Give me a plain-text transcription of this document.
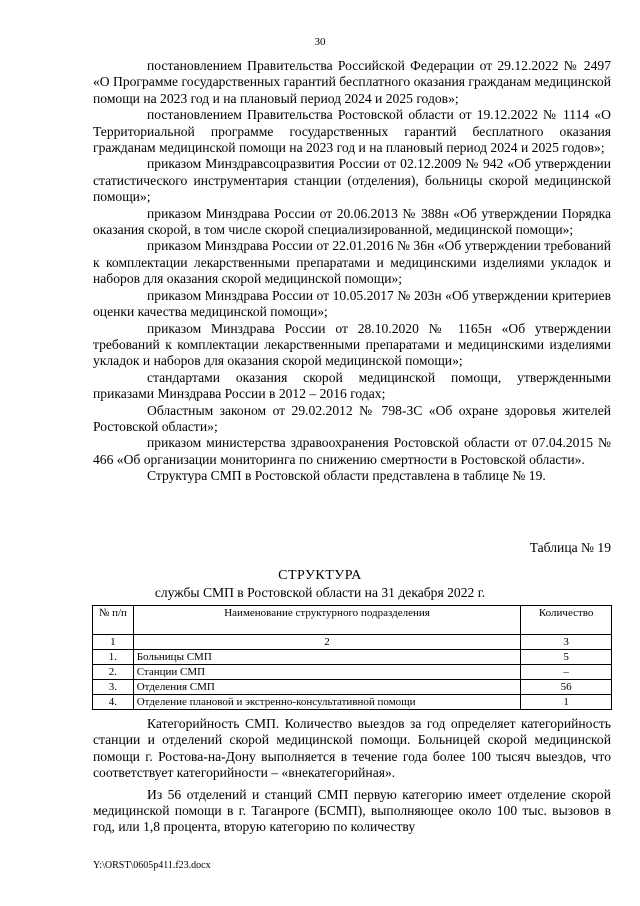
30

постановлением Правительства Российской Федерации от 29.12.2022 № 2497 «О Программе государственных гарантий бесплатного оказания гражданам медицинской помощи на 2023 год и на плановый период 2024 и 2025 годов»;

постановлением Правительства Ростовской области от 19.12.2022 № 1114 «О Территориальной программе государственных гарантий бесплатного оказания гражданам медицинской помощи на 2023 год и на плановый период 2024 и 2025 годов»;

приказом Минздравсоцразвития России от 02.12.2009 № 942 «Об утверждении статистического инструментария станции (отделения), больницы скорой медицинской помощи»;

приказом Минздрава России от 20.06.2013 № 388н «Об утверждении Порядка оказания скорой, в том числе скорой специализированной, медицинской помощи»;

приказом Минздрава России от 22.01.2016 № 36н «Об утверждении требований к комплектации лекарственными препаратами и медицинскими изделиями укладок и наборов для оказания скорой медицинской помощи»;

приказом Минздрава России от 10.05.2017 № 203н «Об утверждении критериев оценки качества медицинской помощи»;

приказом Минздрава России от 28.10.2020 № 1165н «Об утверждении требований к комплектации лекарственными препаратами и медицинскими изделиями укладок и наборов для оказания скорой медицинской помощи»;

стандартами оказания скорой медицинской помощи, утвержденными приказами Минздрава России в 2012 – 2016 годах;

Областным законом от 29.02.2012 № 798-ЗС «Об охране здоровья жителей Ростовской области»;

приказом министерства здравоохранения Ростовской области от 07.04.2015 № 466 «Об организации мониторинга по снижению смертности в Ростовской области».

Структура СМП в Ростовской области представлена в таблице № 19.

Таблица № 19
СТРУКТУРА
службы СМП в Ростовской области на 31 декабря 2022 г.
№ п/п	Наименование структурного подразделения	Количество
1	2	3
1.	Больницы СМП	5
2.	Станции СМП	–
3.	Отделения СМП	56
4.	Отделение плановой и экстренно-консультативной помощи	1

Категорийность СМП. Количество выездов за год определяет категорийность станции и отделений скорой медицинской помощи. Больницей скорой медицинской помощи г. Ростова-на-Дону выполняется в течение года более 100 тысяч выездов, что соответствует категорийности – «внекатегорийная».

Из 56 отделений и станций СМП первую категорию имеет отделение скорой медицинской помощи в г. Таганроге (БСМП), выполняющее около 100 тыс. вызовов в год, или 1,8 процента, вторую категорию по количеству

Y:\ORST\0605p411.f23.docx
